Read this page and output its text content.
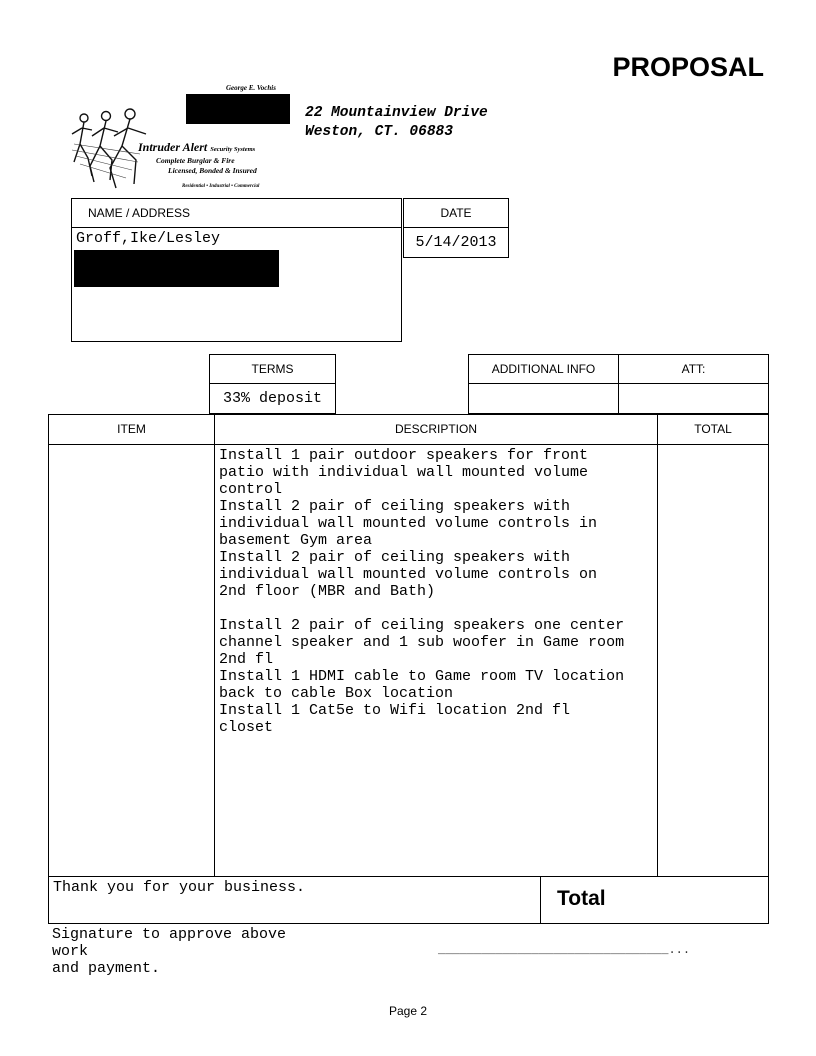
PROPOSAL
George E. Vochis
Intruder Alert Security Systems
Complete Burglar & Fire
Licensed, Bonded & Insured
Residential • Industrial • Commercial
22 Mountainview Drive
Weston, CT. 06883
NAME / ADDRESS
Groff,Ike/Lesley
DATE
5/14/2013
TERMS
33% deposit
ADDITIONAL INFO	ATT:
ITEM	DESCRIPTION	TOTAL
Install 1 pair outdoor speakers for front
patio with individual wall mounted volume
control
Install 2 pair of ceiling speakers with
individual wall mounted volume controls in
basement Gym area
Install 2 pair of ceiling speakers with
individual wall mounted volume controls on
2nd floor (MBR and Bath)

Install 2 pair of ceiling speakers one center
channel speaker and 1 sub woofer in Game room
2nd fl
Install 1 HDMI cable to Game room TV location
back to cable Box location
Install 1 Cat5e to Wifi location 2nd fl
closet
Thank you for your business.	Total
Signature to approve above
work
and payment.
________________________________...
Page 2
